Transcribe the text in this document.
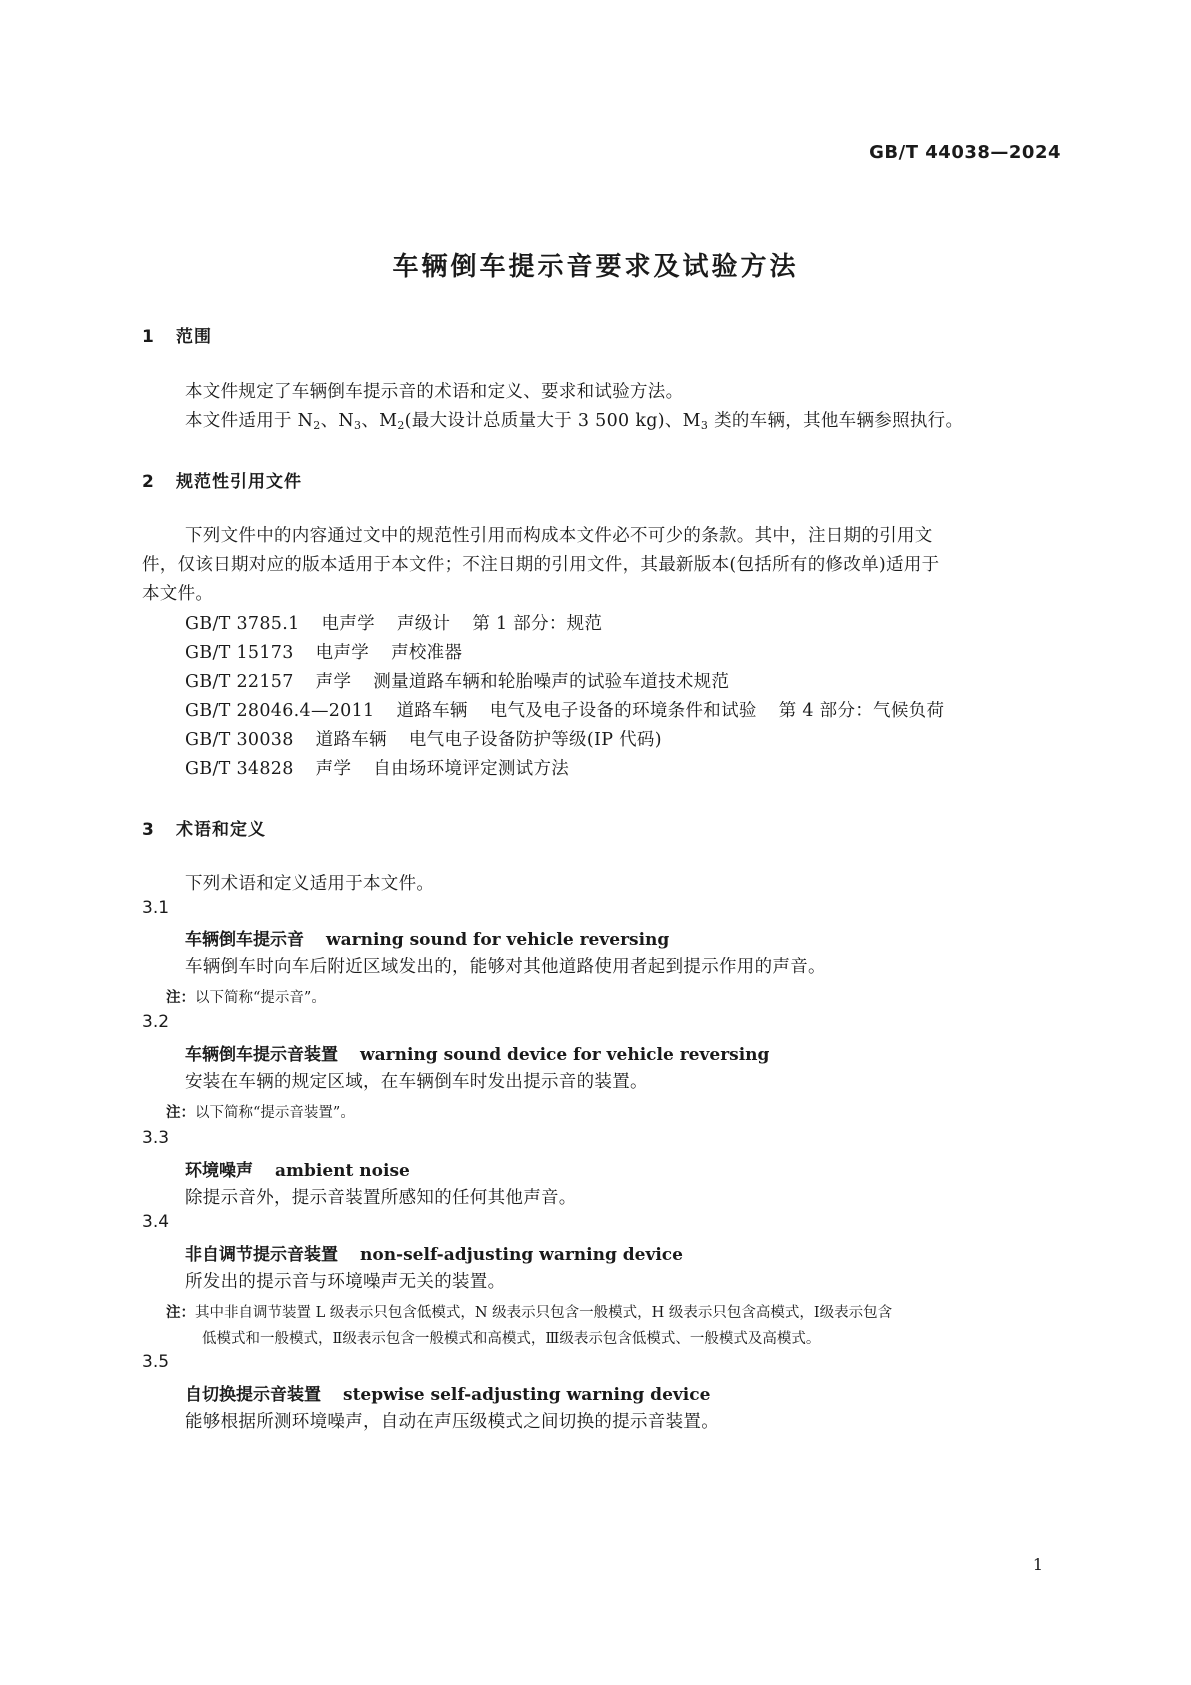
GB/T 44038—2024
车辆倒车提示音要求及试验方法
1 范围
本文件规定了车辆倒车提示音的术语和定义、要求和试验方法。
本文件适用于 $N_2$、$N_3$、$M_2$(最大设计总质量大于 3 500 kg)、$M_3$ 类的车辆，其他车辆参照执行。
2 规范性引用文件
下列文件中的内容通过文中的规范性引用而构成本文件必不可少的条款。其中，注日期的引用文
件，仅该日期对应的版本适用于本文件；不注日期的引用文件，其最新版本(包括所有的修改单)适用于
本文件。
GB/T 3785.1 电声学 声级计 第 1 部分：规范
GB/T 15173 电声学 声校准器
GB/T 22157 声学 测量道路车辆和轮胎噪声的试验车道技术规范
GB/T 28046.4—2011 道路车辆 电气及电子设备的环境条件和试验 第 4 部分：气候负荷
GB/T 30038 道路车辆 电气电子设备防护等级(IP 代码)
GB/T 34828 声学 自由场环境评定测试方法
3 术语和定义
下列术语和定义适用于本文件。
3.1
车辆倒车提示音 warning sound for vehicle reversing
车辆倒车时向车后附近区域发出的，能够对其他道路使用者起到提示作用的声音。
注：以下简称“提示音”。
3.2
车辆倒车提示音装置 warning sound device for vehicle reversing
安装在车辆的规定区域，在车辆倒车时发出提示音的装置。
注：以下简称“提示音装置”。
3.3
环境噪声 ambient noise
除提示音外，提示音装置所感知的任何其他声音。
3.4
非自调节提示音装置 non-self-adjusting warning device
所发出的提示音与环境噪声无关的装置。
注：其中非自调节装置 L 级表示只包含低模式，N 级表示只包含一般模式，H 级表示只包含高模式，Ⅰ级表示包含
低模式和一般模式，Ⅱ级表示包含一般模式和高模式，Ⅲ级表示包含低模式、一般模式及高模式。
3.5
自切换提示音装置 stepwise self-adjusting warning device
能够根据所测环境噪声，自动在声压级模式之间切换的提示音装置。
1
